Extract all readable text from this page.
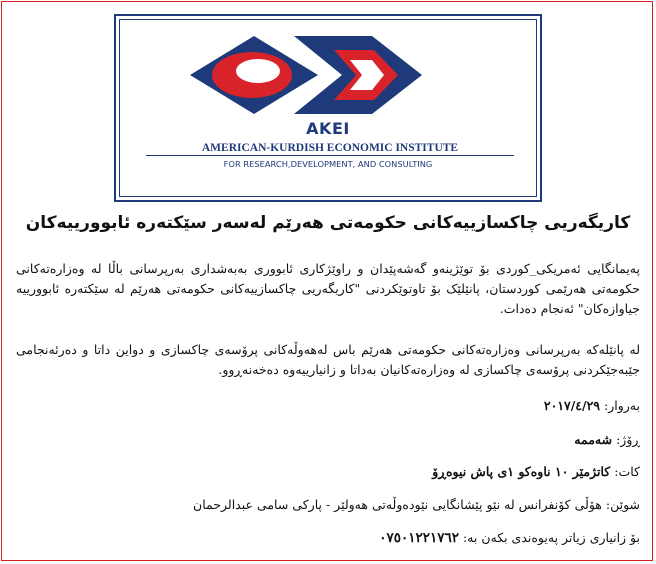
AKEI
AMERICAN-KURDISH ECONOMIC INSTITUTE
FOR RESEARCH,DEVELOPMENT, AND CONSULTING
کاریگەریی چاکسازییەکانی حکومەتی هەرێم لەسەر سێکتەرە ئابوورییەکان
پەیمانگایی ئەمریکی_کوردی بۆ توێژینەو گەشەپێدان و راوێژکاری ئابووری بەبەشداری بەرپرسانی باڵا لە وەزارەتەکانی حکومەتی هەرێمی کوردستان، پانێلێک بۆ تاوتوێکردنی "کاریگەریی چاکسازییەکانی حکومەتی هەرێم لە سێکتەرە ئابوورییە جیاوازەکان" ئەنجام دەدات.
لە پانێلەکە بەرپرسانی وەزارەتەکانی حکومەتی هەرێم باس لە‌هەوڵەکانی پرۆسەی چاکسازی و دواین داتا و دەرئەنجامی جێبەجێکردنی پرۆسەی چاکسازی لە وەزارەتەکانیان بەداتا و زانیارییەوە دەخەنەڕوو.
بەروار: ٢٠١٧/٤/٢٩
ڕۆژ: شەممە
کات: کاتژمێر ١٠ ناوەکو ١ی پاش نیوەڕۆ
شوێن: هۆڵی کۆنفرانس لە نێو پێشانگایی نێودەوڵەتی هەولێر - پارکی سامی عبدالرحمان
بۆ زانیاری زیاتر پەیوەندی بکەن بە: ٠٧٥٠١٢٢١٧٦٢
